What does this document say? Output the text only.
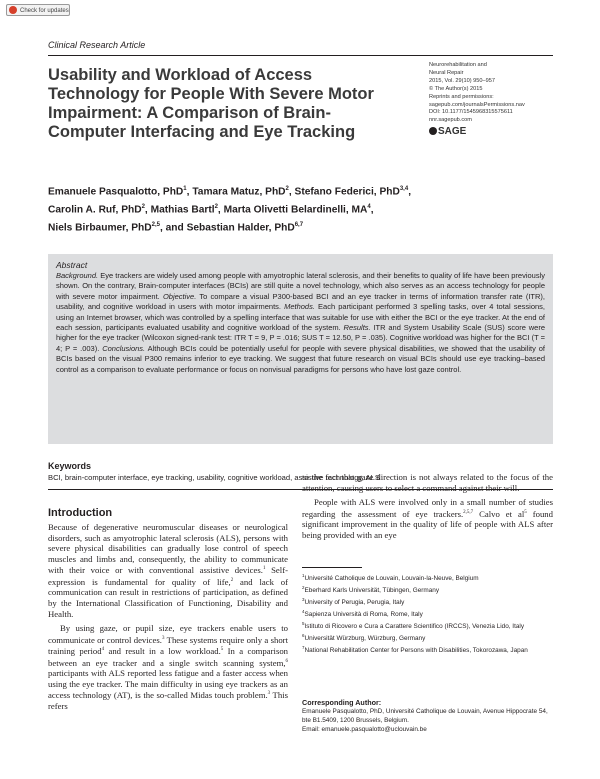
Check for updates
Clinical Research Article
Usability and Workload of Access Technology for People With Severe Motor Impairment: A Comparison of Brain-Computer Interfacing and Eye Tracking
Neurorehabilitation and
Neural Repair
2015, Vol. 29(10) 950–957
© The Author(s) 2015
Reprints and permissions:
sagepub.com/journalsPermissions.nav
DOI: 10.1177/1545968315575611
nnr.sagepub.com
SAGE

Emanuele Pasqualotto, PhD$^1$, Tamara Matuz, PhD$^2$, Stefano Federici, PhD$^{3,4}$,
Carolin A. Ruf, PhD$^2$, Mathias Bartl$^2$, Marta Olivetti Belardinelli, $MA^4$,
Niels Birbaumer, PhD$^{2,5}$, and Sebastian Halder, PhD$^{6,7}$

Abstract
Background. Eye trackers are widely used among people with amyotrophic lateral sclerosis, and their benefits to quality of life have been previously shown. On the contrary, Brain-computer interfaces (BCIs) are still quite a novel technology, which also serves as an access technology for people with severe motor impairment. Objective. To compare a visual P300-based BCI and an eye tracker in terms of information transfer rate (ITR), usability, and cognitive workload in users with motor impairments. Methods. Each participant performed 3 spelling tasks, over 4 total sessions, using an Internet browser, which was controlled by a spelling interface that was suitable for use with either the BCI or the eye tracker. At the end of each session, participants evaluated usability and cognitive workload of the system. Results. ITR and System Usability Scale (SUS) score were higher for the eye tracker (Wilcoxon signed-rank test: ITR T = 9, P = .016; SUS T = 12.50, P = .035). Cognitive workload was higher for the BCI (T = 4; P = .003). Conclusions. Although BCIs could be potentially useful for people with severe physical disabilities, we showed that the usability of BCIs based on the visual P300 remains inferior to eye tracking. We suggest that future research on visual BCIs should use eye tracking–based control as a comparison to evaluate performance or focus on nonvisual paradigms for persons who have lost gaze control.
Keywords
BCI, brain-computer interface, eye tracking, usability, cognitive workload, assistive technology, ALS
Introduction

Because of degenerative neuromuscular diseases or neurological disorders, such as amyotrophic lateral sclerosis (ALS), persons with severe physical disabilities can gradually lose control of speech muscles and limbs and, consequently, the ability to communicate with their voice or with conventional assistive devices.$^1$ Self-expression is fundamental for quality of life,$^2$ and lack of communication can result in restrictions of participation, as defined by the International Classification of Functioning, Disability and Health.

By using gaze, or pupil size, eye trackers enable users to communicate or control devices.$^3$ These systems require only a short training period$^4$ and result in a low workload.$^5$ In a comparison between an eye tracker and a single switch scanning system,$^6$ participants with ALS reported less fatigue and a faster access when using the eye tracker. The main difficulty in using eye trackers as an access technology (AT), is the so-called Midas touch problem.$^3$ This refers

to the fact that gaze direction is not always related to the focus of the attention, causing users to select a command against their will.

People with ALS were involved only in a small number of studies regarding the assessment of eye trackers.$^{2,5,7}$ Calvo et $al^5$ found significant improvement in the quality of life of people with ALS after being provided with an eye

$^1$Université Catholique de Louvain, Louvain-la-Neuve, Belgium
$^2$Eberhard Karls Universität, Tübingen, Germany
$^3$University of Perugia, Perugia, Italy
$^4$Sapienza Università di Roma, Rome, Italy
$^5$Istituto di Ricovero e Cura a Carattere Scientifico (IRCCS), Venezia Lido, Italy
$^6$Universität Würzburg, Würzburg, Germany
$^7$National Rehabilitation Center for Persons with Disabilities, Tokorozawa, Japan
Corresponding Author:
Emanuele Pasqualotto, PhD, Université Catholique de Louvain, Avenue Hippocrate 54, bte B1.5409, 1200 Brussels, Belgium.
Email: emanuele.pasqualotto@uclouvain.be
